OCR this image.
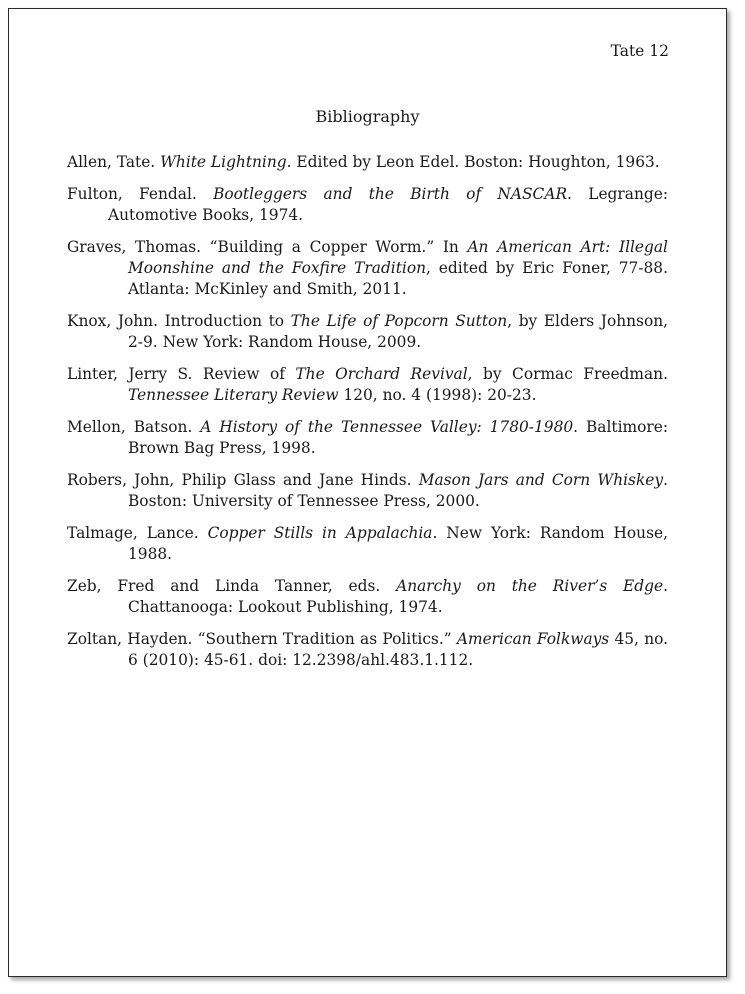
Tate 12
Bibliography

Allen, Tate. White Lightning. Edited by Leon Edel. Boston: Houghton, 1963.

Fulton, Fendal. Bootleggers and the Birth of NASCAR. Legrange: Automotive Books, 1974.

Graves, Thomas. “Building a Copper Worm.” In An American Art: Illegal Moonshine and the Foxfire Tradition, edited by Eric Foner, 77-88. Atlanta: McKinley and Smith, 2011.

Knox, John. Introduction to The Life of Popcorn Sutton, by Elders Johnson, 2-9. New York: Random House, 2009.

Linter, Jerry S. Review of The Orchard Revival, by Cormac Freedman. Tennessee Literary Review 120, no. 4 (1998): 20-23.

Mellon, Batson. A History of the Tennessee Valley: 1780-1980. Baltimore: Brown Bag Press, 1998.

Robers, John, Philip Glass and Jane Hinds. Mason Jars and Corn Whiskey. Boston: University of Tennessee Press, 2000.

Talmage, Lance. Copper Stills in Appalachia. New York: Random House, 1988.

Zeb, Fred and Linda Tanner, eds. Anarchy on the River’s Edge. Chattanooga: Lookout Publishing, 1974.

Zoltan, Hayden. “Southern Tradition as Politics.” American Folkways 45, no. 6 (2010): 45-61. doi: 12.2398/ahl.483.1.112.
